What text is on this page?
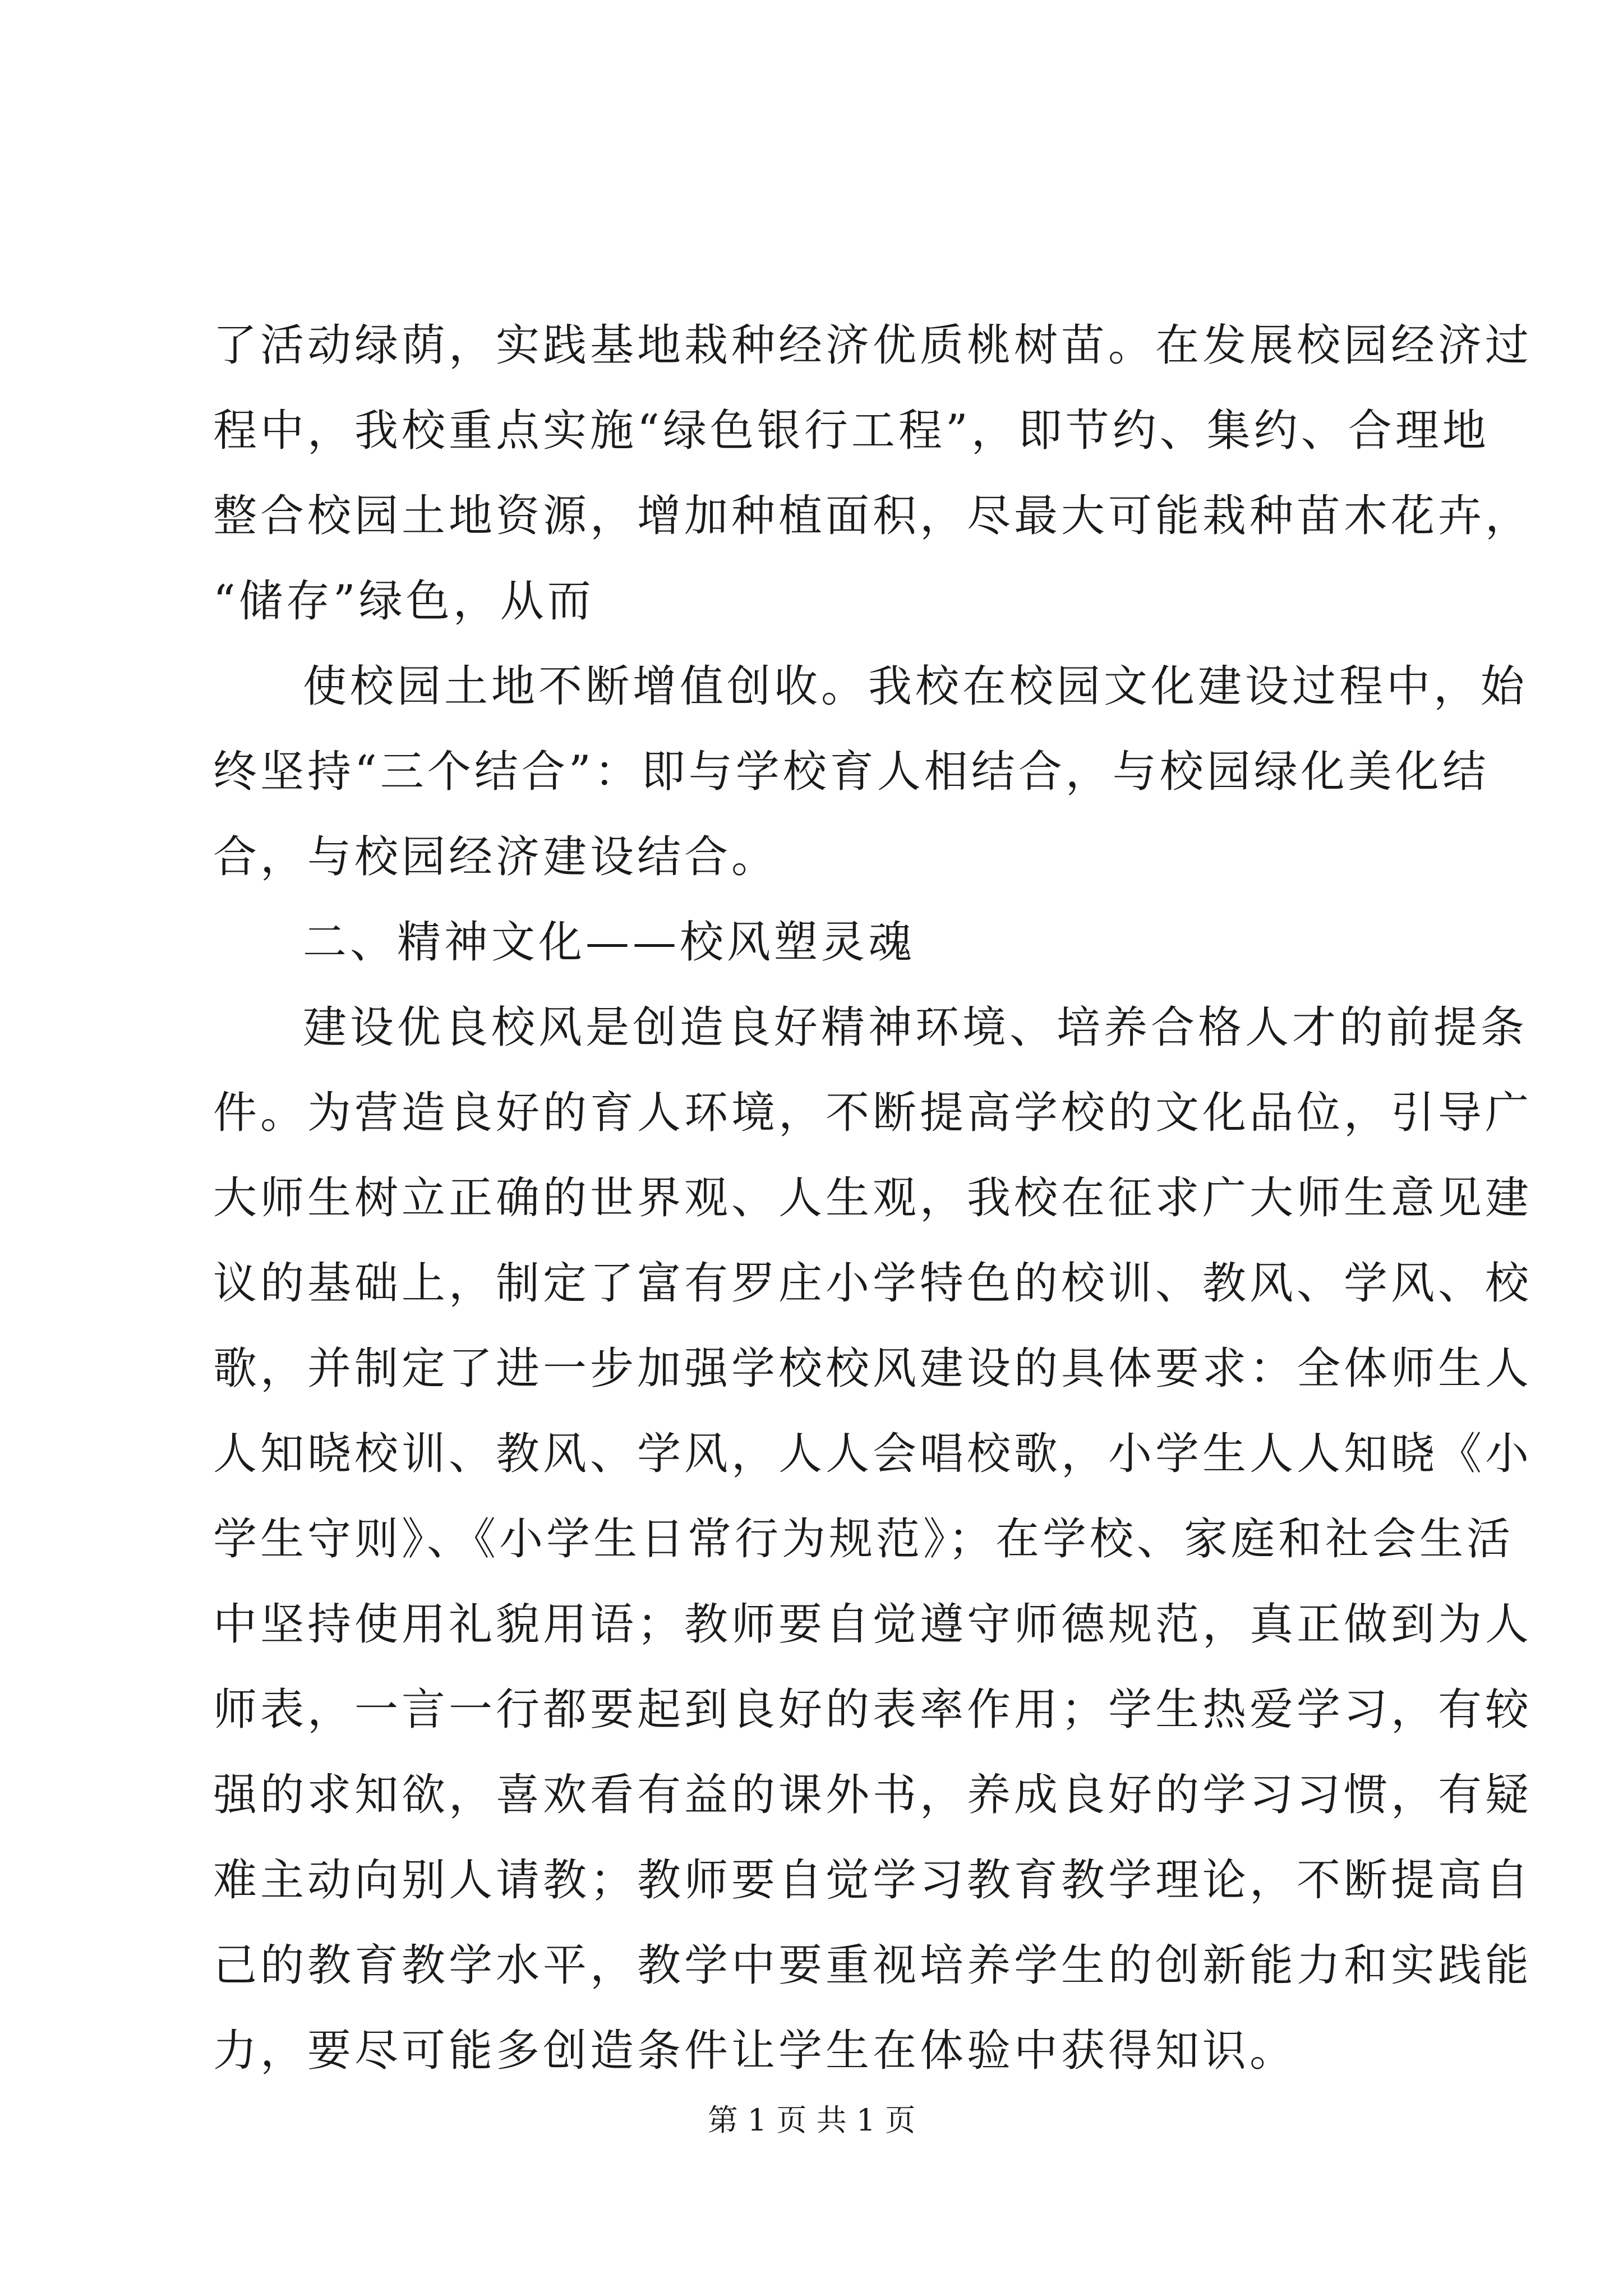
了活动绿荫，实践基地栽种经济优质桃树苗。在发展校园经济过
程中，我校重点实施“绿色银行工程”，即节约、集约、合理地
整合校园土地资源，增加种植面积，尽最大可能栽种苗木花卉，
“储存”绿色，从而
使校园土地不断增值创收。我校在校园文化建设过程中，始
终坚持“三个结合”：即与学校育人相结合，与校园绿化美化结
合，与校园经济建设结合。
二、精神文化——校风塑灵魂
建设优良校风是创造良好精神环境、培养合格人才的前提条
件。为营造良好的育人环境，不断提高学校的文化品位，引导广
大师生树立正确的世界观、人生观，我校在征求广大师生意见建
议的基础上，制定了富有罗庄小学特色的校训、教风、学风、校
歌，并制定了进一步加强学校校风建设的具体要求：全体师生人
人知晓校训、教风、学风，人人会唱校歌，小学生人人知晓《小
学生守则》、《小学生日常行为规范》；在学校、家庭和社会生活
中坚持使用礼貌用语；教师要自觉遵守师德规范，真正做到为人
师表，一言一行都要起到良好的表率作用；学生热爱学习，有较
强的求知欲，喜欢看有益的课外书，养成良好的学习习惯，有疑
难主动向别人请教；教师要自觉学习教育教学理论，不断提高自
己的教育教学水平，教学中要重视培养学生的创新能力和实践能
力，要尽可能多创造条件让学生在体验中获得知识。
第 1 页 共 1 页
